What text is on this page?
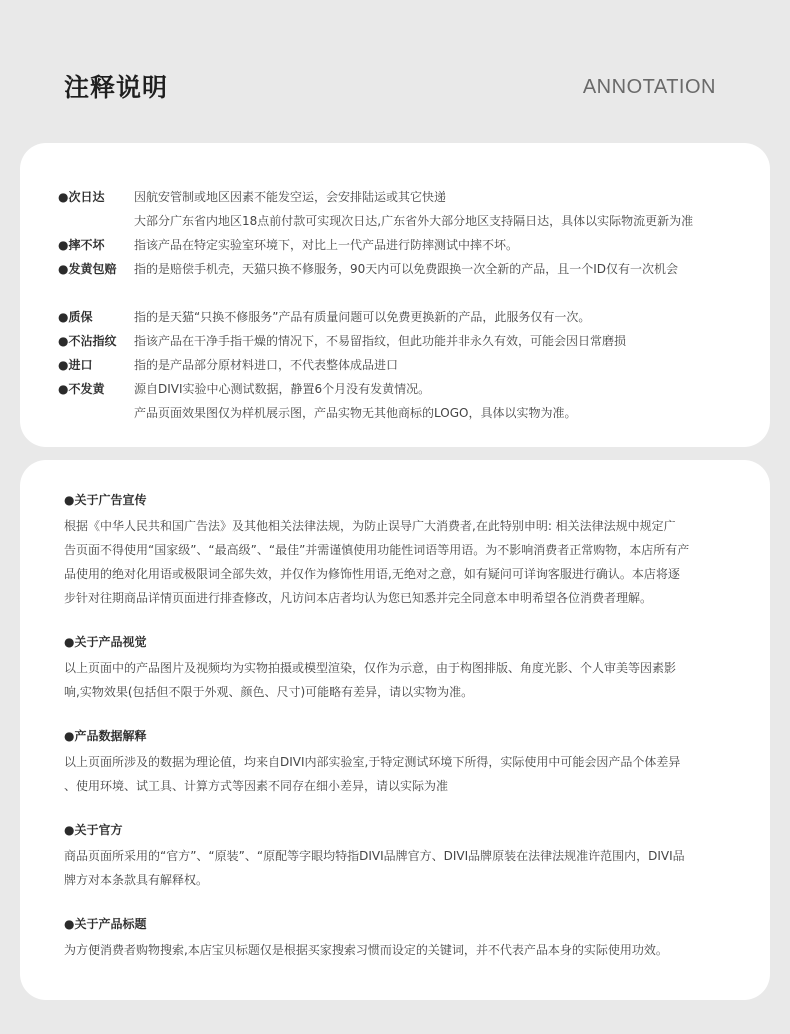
注释说明	ANNOTATION
●次日达 因航安管制或地区因素不能发空运，会安排陆运或其它快递
大部分广东省内地区18点前付款可实现次日达,广东省外大部分地区支持隔日达，具体以实际物流更新为准
●摔不坏 指该产品在特定实验室环境下，对比上一代产品进行防摔测试中摔不坏。
●发黄包赔 指的是赔偿手机壳，天猫只换不修服务，90天内可以免费跟换一次全新的产品，且一个ID仅有一次机会
●质保	指的是天猫“只换不修服务”产品有质量问题可以免费更换新的产品，此服务仅有一次。
●不沾指纹 指该产品在干净手指干燥的情况下，不易留指纹，但此功能并非永久有效，可能会因日常磨损
●进口	指的是产品部分原材料进口，不代表整体成品进口
●不发黄 源自DIVI实验中心测试数据，静置6个月没有发黄情况。
产品页面效果图仅为样机展示图，产品实物无其他商标的LOGO，具体以实物为准。
●关于广告宣传
根据《中华人民共和国广告法》及其他相关法律法规，为防止误导广大消费者,在此特别申明: 相关法律法规中规定广
告页面不得使用“国家级”、“最高级”、“最佳”并需谨慎使用功能性词语等用语。为不影响消费者正常购物，本店所有产
品使用的绝对化用语或极限词全部失效，并仅作为修饰性用语,无绝对之意，如有疑问可详询客服进行确认。本店将逐
步针对往期商品详情页面进行排查修改，凡访问本店者均认为您已知悉并完全同意本申明希望各位消费者理解。
●关于产品视觉
以上页面中的产品图片及视频均为实物拍摄或模型渲染，仅作为示意，由于构图排版、角度光影、个人审美等因素影
响,实物效果(包括但不限于外观、颜色、尺寸)可能略有差异，请以实物为准。
●产品数据解释
以上页面所涉及的数据为理论值，均来自DIVI内部实验室,于特定测试环境下所得，实际使用中可能会因产品个体差异
、使用环境、试工具、计算方式等因素不同存在细小差异，请以实际为准
●关于官方
商品页面所采用的“官方”、“原装”、“原配等字眼均特指DIVI品牌官方、DIVI品牌原装在法律法规准许范围内，DIVI品
牌方对本条款具有解释权。
●关于产品标题
为方便消费者购物搜索,本店宝贝标题仅是根据买家搜索习惯而设定的关键词，并不代表产品本身的实际使用功效。
